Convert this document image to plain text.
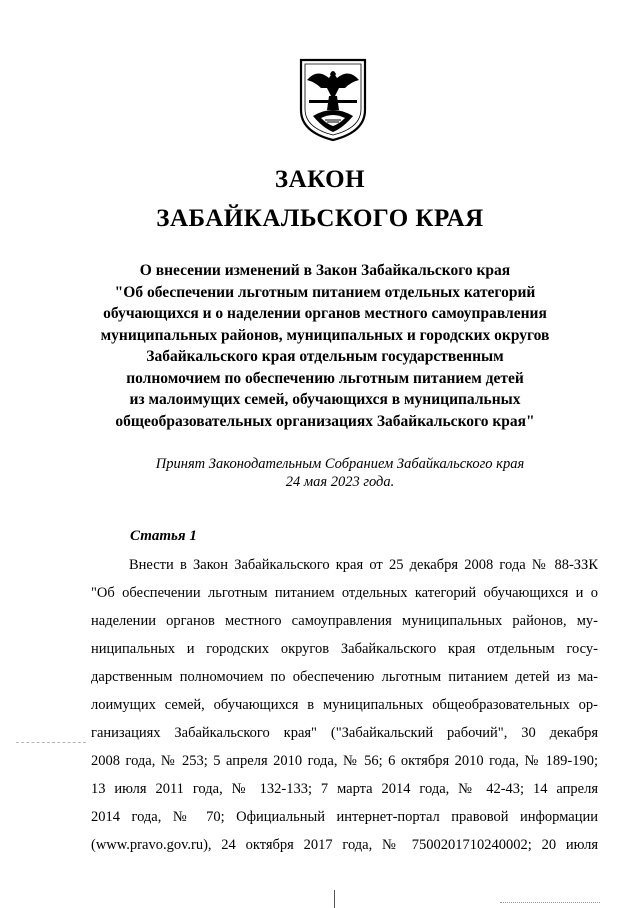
ЗАКОН
ЗАБАЙКАЛЬСКОГО КРАЯ
О внесении изменений в Закон Забайкальского края
"Об обеспечении льготным питанием отдельных категорий
обучающихся и о наделении органов местного самоуправления
муниципальных районов, муниципальных и городских округов
Забайкальского края отдельным государственным
полномочием по обеспечению льготным питанием детей
из малоимущих семей, обучающихся в муниципальных
общеобразовательных организациях Забайкальского края"
Принят Законодательным Собранием Забайкальского края
24 мая 2023 года.
Статья 1
Внести в Закон Забайкальского края от 25 декабря 2008 года № 88-ЗЗК
"Об обеспечении льготным питанием отдельных категорий обучающихся и о
наделении органов местного самоуправления муниципальных районов, му-
ниципальных и городских округов Забайкальского края отдельным госу-
дарственным полномочием по обеспечению льготным питанием детей из ма-
лоимущих семей, обучающихся в муниципальных общеобразовательных ор-
ганизациях Забайкальского края" ("Забайкальский рабочий", 30 декабря
2008 года, № 253; 5 апреля 2010 года, № 56; 6 октября 2010 года, № 189-190;
13 июля 2011 года, № 132-133; 7 марта 2014 года, № 42-43; 14 апреля
2014 года, № 70; Официальный интернет-портал правовой информации
(www.pravo.gov.ru), 24 октября 2017 года, № 7500201710240002; 20 июля
